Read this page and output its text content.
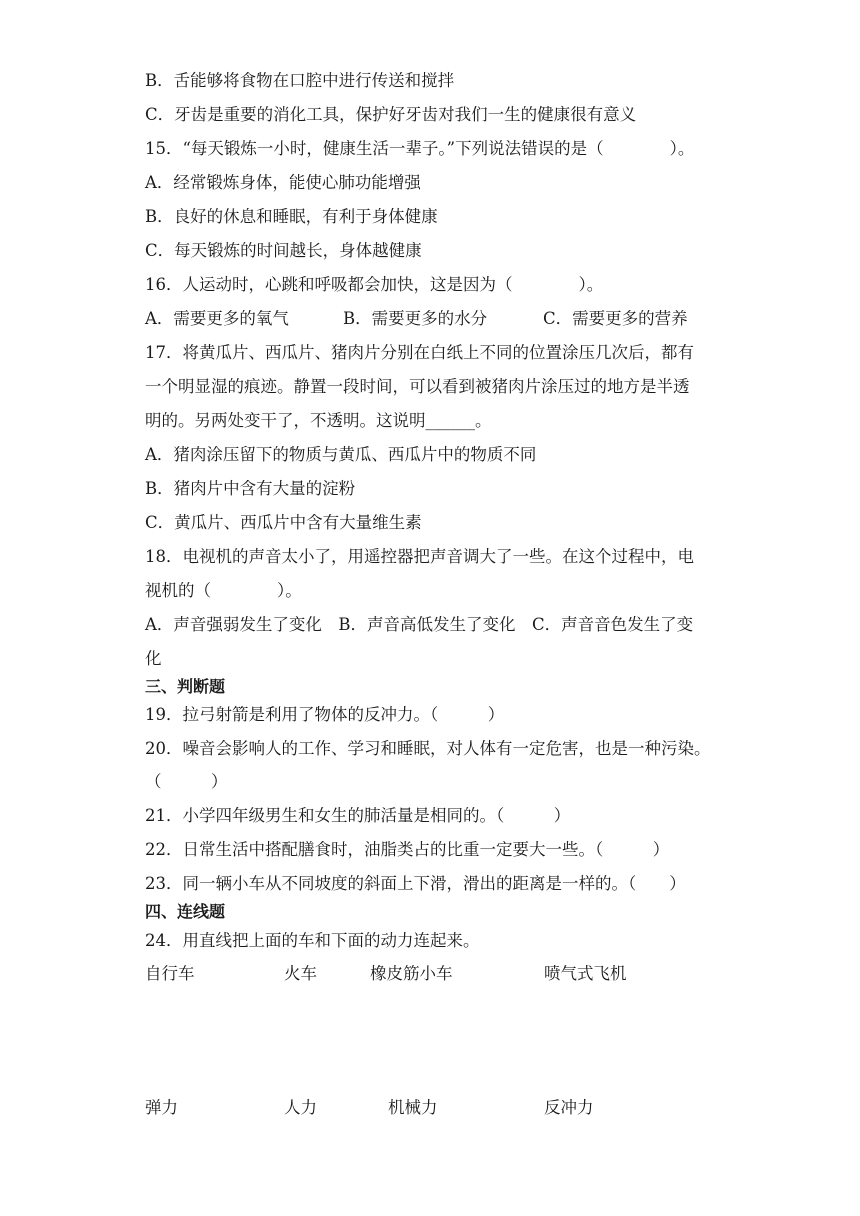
B．舌能够将食物在口腔中进行传送和搅拌
C．牙齿是重要的消化工具，保护好牙齿对我们一生的健康很有意义
15．“每天锻炼一小时，健康生活一辈子。”下列说法错误的是（　　　　）。
A．经常锻炼身体，能使心肺功能增强
B．良好的休息和睡眠，有利于身体健康
C．每天锻炼的时间越长，身体越健康
16．人运动时，心跳和呼吸都会加快，这是因为（　　　　）。
A．需要更多的氧气	B．需要更多的水分	C．需要更多的营养
17．将黄瓜片、西瓜片、猪肉片分别在白纸上不同的位置涂压几次后，都有
一个明显湿的痕迹。静置一段时间，可以看到被猪肉片涂压过的地方是半透
明的。另两处变干了，不透明。这说明______。
A．猪肉涂压留下的物质与黄瓜、西瓜片中的物质不同
B．猪肉片中含有大量的淀粉
C．黄瓜片、西瓜片中含有大量维生素
18．电视机的声音太小了，用遥控器把声音调大了一些。在这个过程中，电
视机的（　　　　）。
A．声音强弱发生了变化　B．声音高低发生了变化　C．声音音色发生了变
化
三、判断题
19．拉弓射箭是利用了物体的反冲力。（　　　）
20．噪音会影响人的工作、学习和睡眠，对人体有一定危害，也是一种污染。
（　　　）
21．小学四年级男生和女生的肺活量是相同的。（　　　）
22．日常生活中搭配膳食时，油脂类占的比重一定要大一些。（　　　）
23．同一辆小车从不同坡度的斜面上下滑，滑出的距离是一样的。（　　）
四、连线题
24．用直线把上面的车和下面的动力连起来。
自行车	火车	橡皮筋小车	喷气式飞机
弹力	人力	机械力	反冲力
